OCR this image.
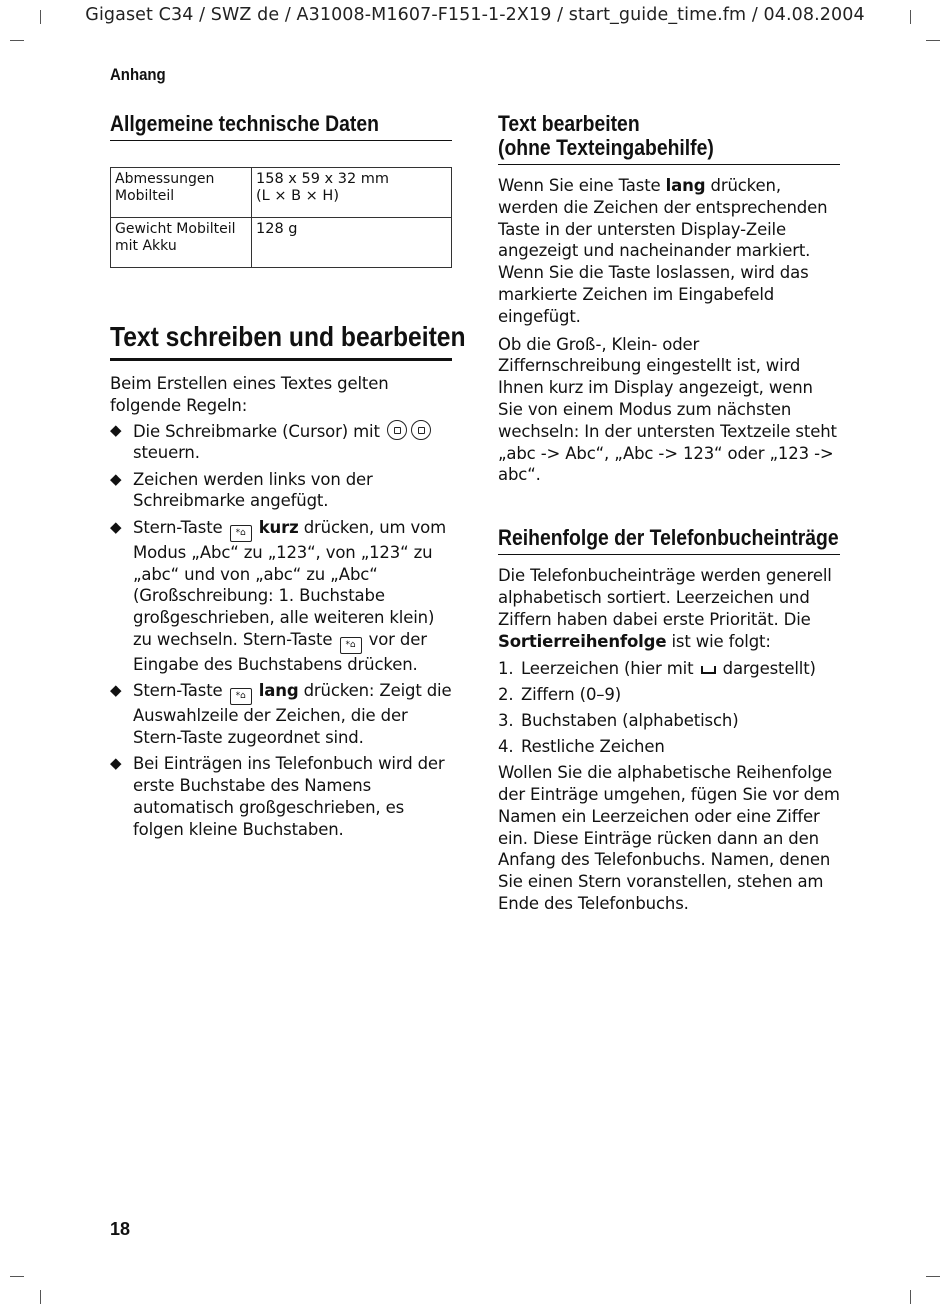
Gigaset C34 / SWZ de / A31008-M1607-F151-1-2X19 / start_guide_time.fm / 04.08.2004
Anhang
Allgemeine technische Daten
Abmessungen Mobilteil	158 x 59 x 32 mm
(L × B × H)

Gewicht Mobilteil mit Akku	128 g
Text schreiben und bearbeiten

Beim Erstellen eines Textes gelten folgende Regeln:

◆ Die Schreibmarke (Cursor) mit  steuern.
◆ Zeichen werden links von der Schreibmarke angefügt.
◆ Stern-Taste *⌂ kurz drücken, um vom Modus „Abc“ zu „123“, von „123“ zu „abc“ und von „abc“ zu „Abc“ (Großschreibung: 1. Buchstabe großgeschrieben, alle weiteren klein) zu wechseln. Stern-Taste *⌂ vor der Eingabe des Buchstabens drücken.
◆ Stern-Taste *⌂ lang drücken: Zeigt die Auswahlzeile der Zeichen, die der Stern-Taste zugeordnet sind.
◆ Bei Einträgen ins Telefonbuch wird der erste Buchstabe des Namens automatisch großgeschrieben, es folgen kleine Buchstaben.
Text bearbeiten
(ohne Texteingabehilfe)

Wenn Sie eine Taste lang drücken, werden die Zeichen der entsprechenden Taste in der untersten Display-Zeile angezeigt und nacheinander markiert. Wenn Sie die Taste loslassen, wird das markierte Zeichen im Eingabefeld eingefügt.

Ob die Groß-, Klein- oder Ziffernschreibung eingestellt ist, wird Ihnen kurz im Display angezeigt, wenn Sie von einem Modus zum nächsten wechseln: In der untersten Textzeile steht „abc -> Abc“, „Abc -> 123“ oder „123 -> abc“.

Reihenfolge der Telefonbucheinträge

Die Telefonbucheinträge werden generell alphabetisch sortiert. Leerzeichen und Ziffern haben dabei erste Priorität. Die Sortierreihenfolge ist wie folgt:

1. Leerzeichen (hier mit dargestellt)
2. Ziffern (0–9)
3. Buchstaben (alphabetisch)
4. Restliche Zeichen

Wollen Sie die alphabetische Reihenfolge der Einträge umgehen, fügen Sie vor dem Namen ein Leerzeichen oder eine Ziffer ein. Diese Einträge rücken dann an den Anfang des Telefonbuchs. Namen, denen Sie einen Stern voranstellen, stehen am Ende des Telefonbuchs.

18
